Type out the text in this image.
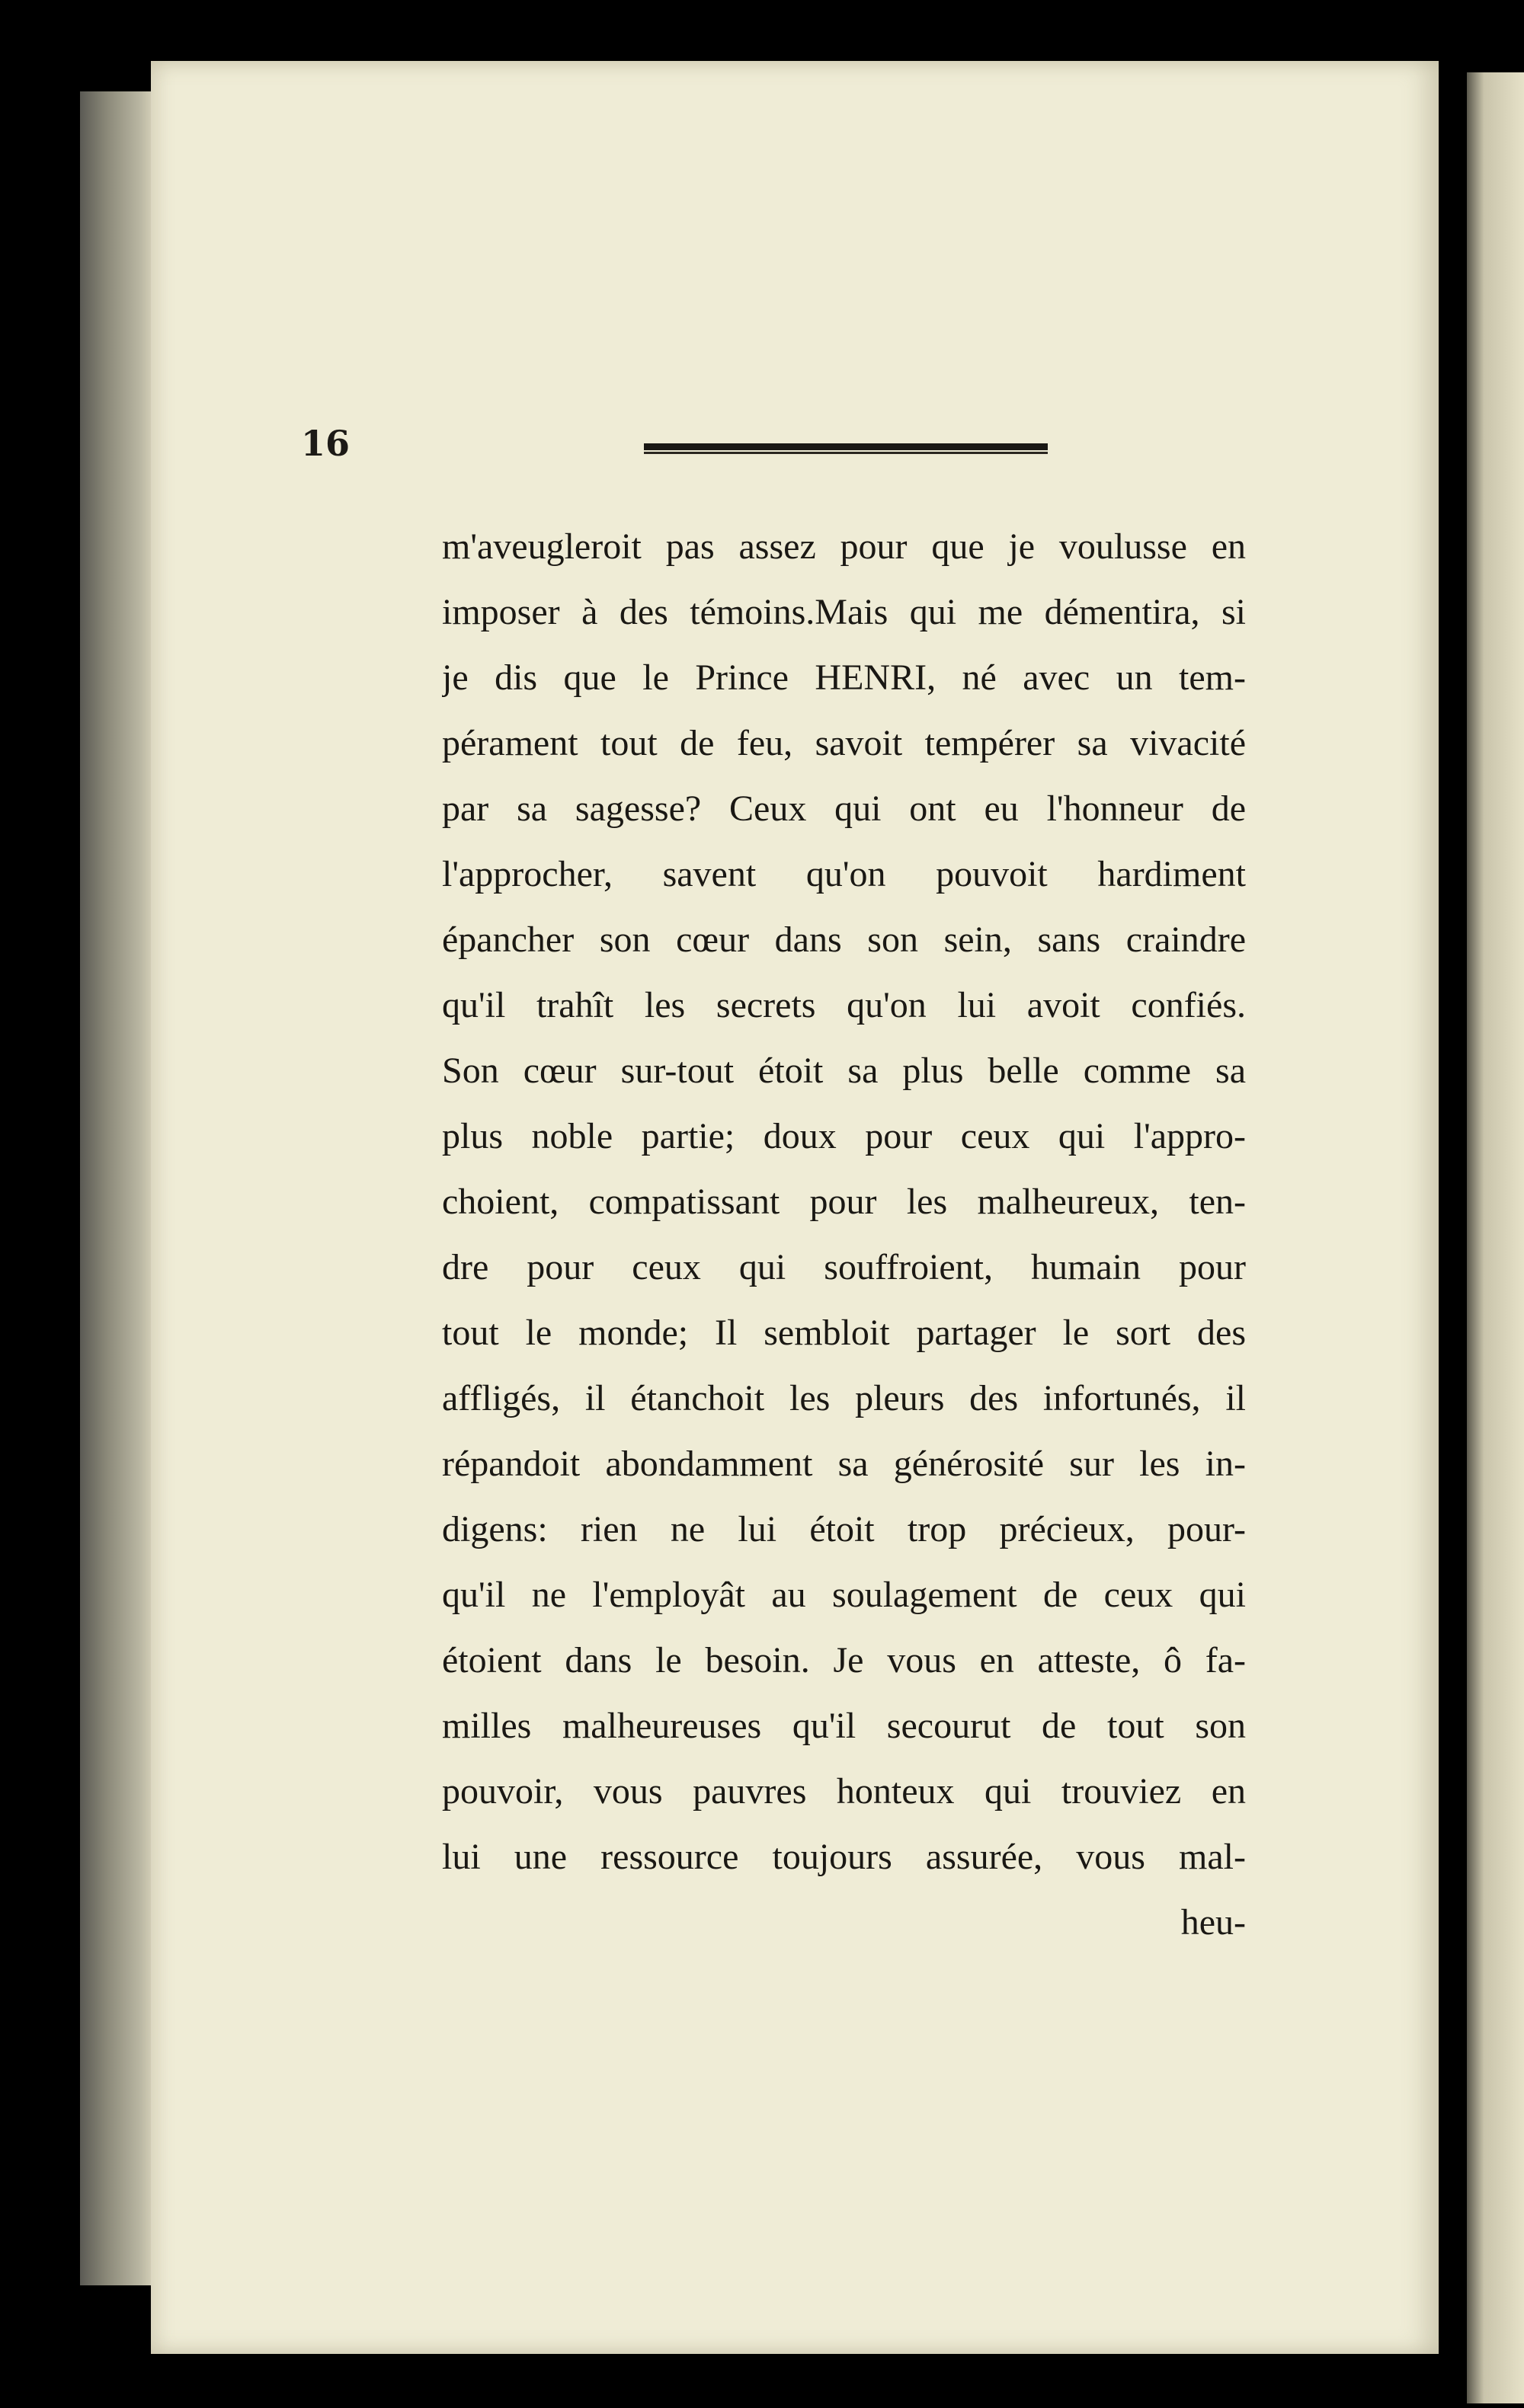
16
m'aveugleroit pas assez pour que je voulusse en
imposer à des témoins.Mais qui me démentira, si
je dis que le Prince HENRI, né avec un tem-
pérament tout de feu, savoit tempérer sa vivacité
par sa sagesse? Ceux qui ont eu l'honneur de
l'approcher, savent qu'on pouvoit hardiment
épancher son cœur dans son sein, sans craindre
qu'il trahît les secrets qu'on lui avoit confiés.
Son cœur sur-tout étoit sa plus belle comme sa
plus noble partie; doux pour ceux qui l'appro-
choient, compatissant pour les malheureux, ten-
dre pour ceux qui souffroient, humain pour
tout le monde; Il sembloit partager le sort des
affligés, il étanchoit les pleurs des infortunés, il
répandoit abondamment sa générosité sur les in-
digens: rien ne lui étoit trop précieux, pour-
qu'il ne l'employât au soulagement de ceux qui
étoient dans le besoin. Je vous en atteste, ô fa-
milles malheureuses qu'il secourut de tout son
pouvoir, vous pauvres honteux qui trouviez en
lui une ressource toujours assurée, vous mal-
heu-
